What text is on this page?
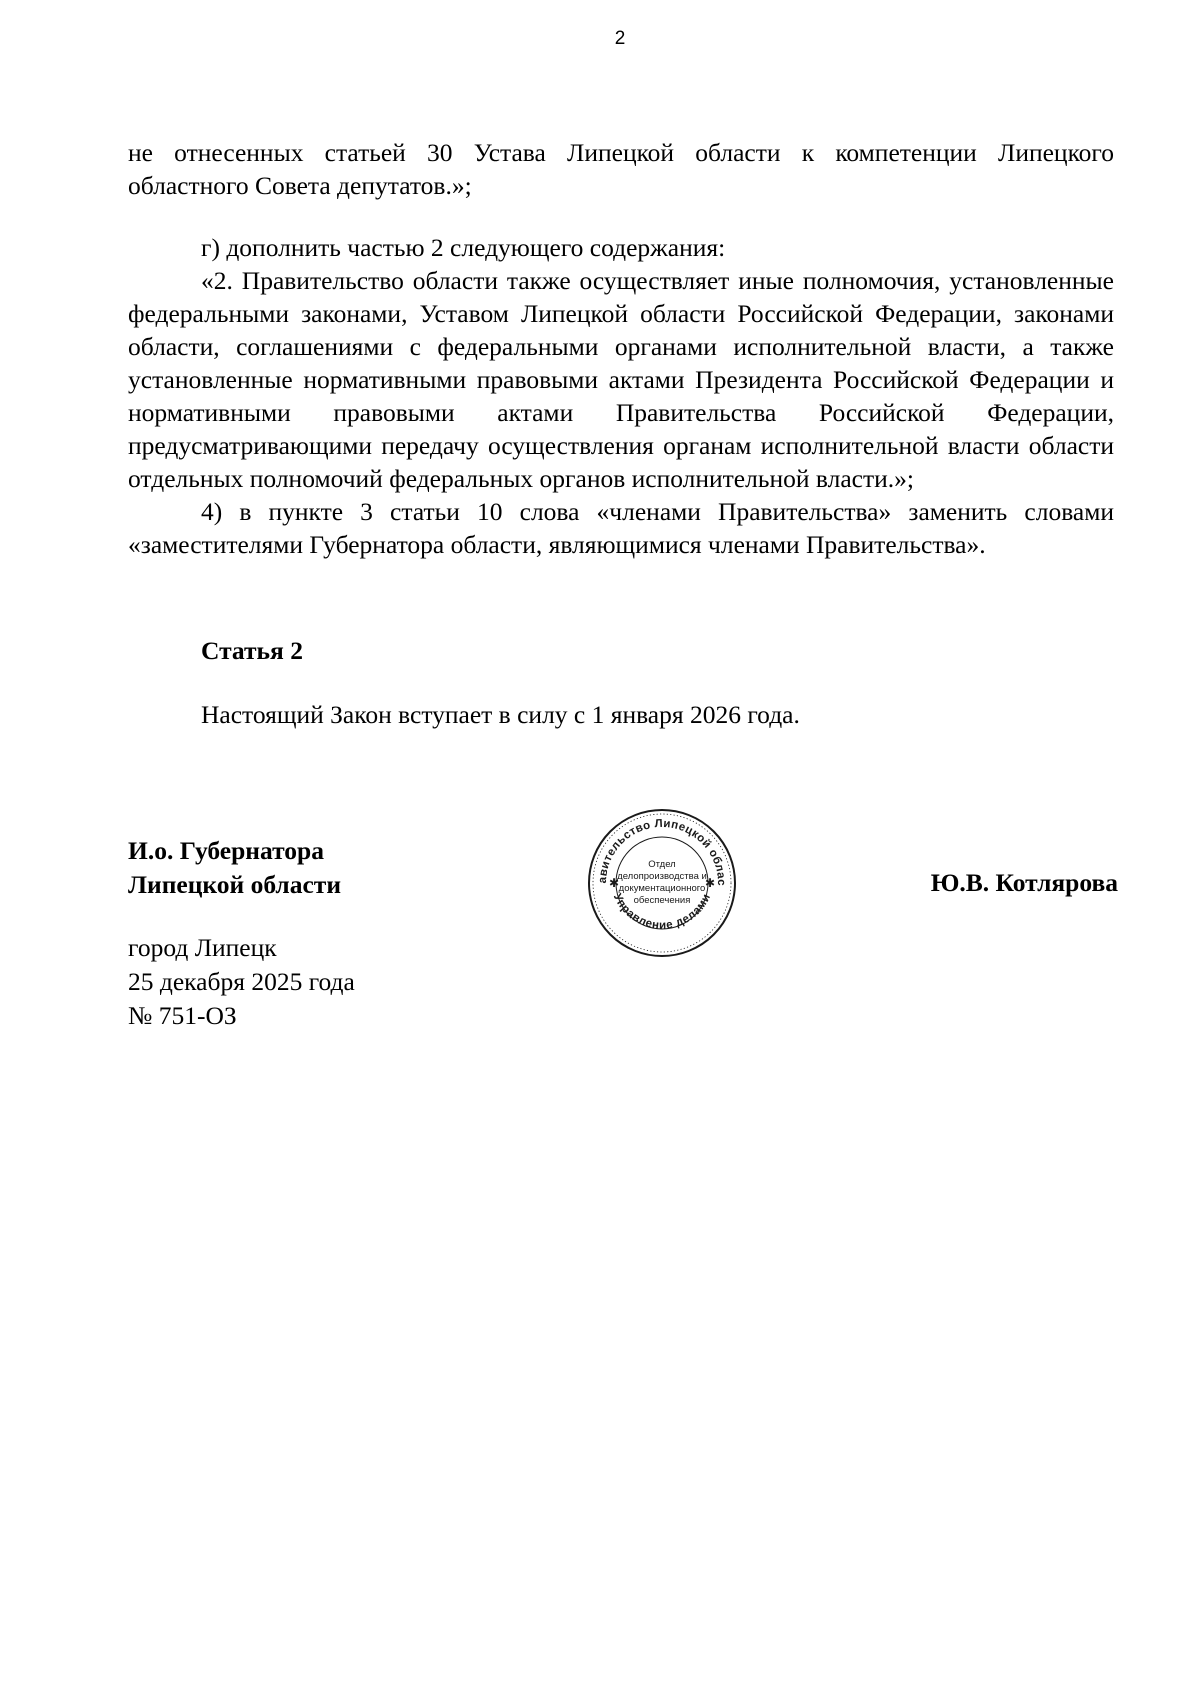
2

не отнесенных статьей 30 Устава Липецкой области к компетенции Липецкого

областного Совета депутатов.»;

г) дополнить частью 2 следующего содержания:

«2. Правительство области также осуществляет иные полномочия, установленные федеральными законами, Уставом Липецкой области Российской Федерации, законами области, соглашениями с федеральными органами исполнительной власти, а также установленные нормативными правовыми актами Президента Российской Федерации и нормативными правовыми актами Правительства Российской Федерации, предусматривающими передачу осуществления органам исполнительной власти области отдельных полномочий федеральных органов исполнительной власти.»;

4) в пункте 3 статьи 10 слова «членами Правительства» заменить словами «заместителями Губернатора области, являющимися членами Правительства».

Статья 2
Настоящий Закон вступает в силу с 1 января 2026 года.
И.о. Губернатора
Липецкой области	авительство Липецкой облас
Управление делами
✱	✱
Отдел
делопроизводства и
документационного
обеспечения
Ю.В. Котлярова
город Липецк
25 декабря 2025 года
№ 751-ОЗ
